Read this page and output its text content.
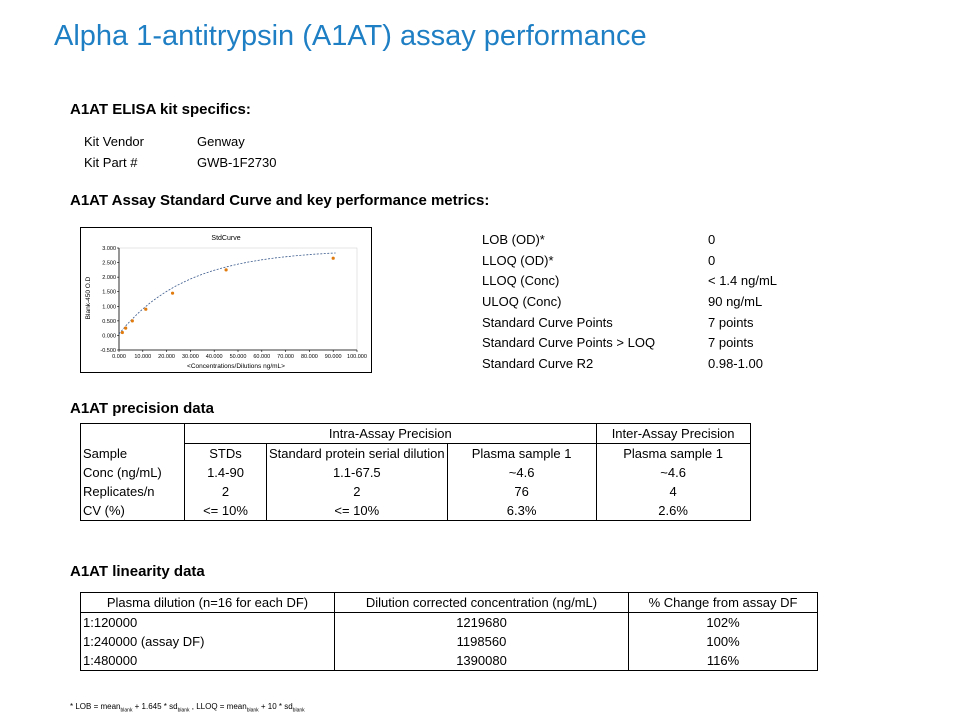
Alpha 1-antitrypsin (A1AT) assay performance
A1AT ELISA kit specifics:
Kit Vendor	Genway
Kit Part #	GWB-1F2730
A1AT Assay Standard Curve and key performance metrics:
StdCurve
<Concentrations/Dilutions ng/mL>
Blank-450 O.D
-0.500
0.000
0.500
1.000
1.500
2.000
2.500
3.000
0.000 10.000 20.000 30.000 40.000 50.000 60.000 70.000 80.000 90.000 100.000
LOB (OD)*	0
LLOQ (OD)*	0
LLOQ (Conc)	< 1.4 ng/mL
ULOQ (Conc)	90 ng/mL
Standard Curve Points	7 points
Standard Curve Points > LOQ	7 points
Standard Curve R2	0.98-1.00
A1AT precision data
	Intra-Assay Precision			Inter-Assay Precision
Sample	STDs	Standard protein serial dilution	Plasma sample 1	Plasma sample 1
Conc (ng/mL)	1.4-90	1.1-67.5	~4.6	~4.6
Replicates/n	2	2	76	4
CV (%)	<= 10%	<= 10%	6.3%	2.6%
A1AT linearity data
Plasma dilution (n=16 for each DF)	Dilution corrected concentration (ng/mL)	% Change from assay DF
1:120000	1219680	102%
1:240000 (assay DF)	1198560	100%
1:480000	1390080	116%
* LOB = mean$_{blank}$ + $1.645 * sd_{blank}$ , LLOQ = mean$_{blank}$ + $10 * sd_{blank}$
